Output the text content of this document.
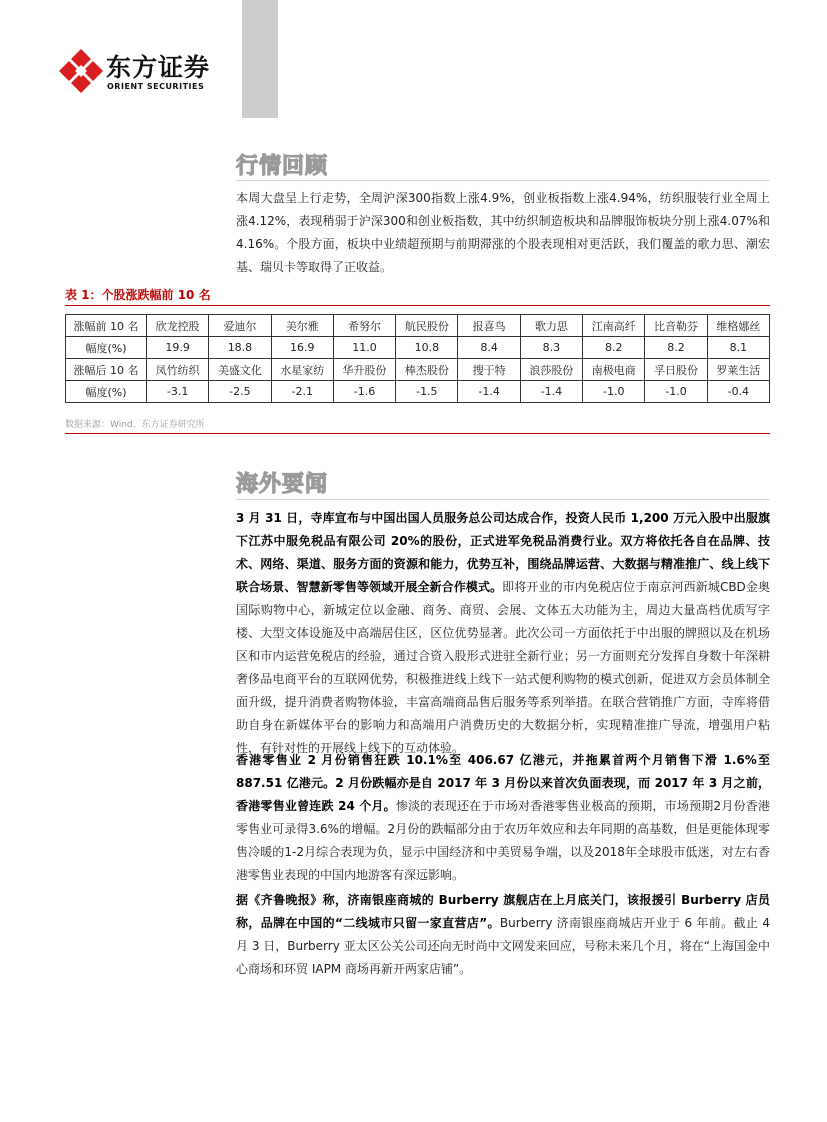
东方证券
ORIENT SECURITIES
行情回顾

本周大盘呈上行走势，全周沪深300指数上涨4.9%，创业板指数上涨4.94%，纺织服装行业全周上涨4.12%，表现稍弱于沪深300和创业板指数，其中纺织制造板块和品牌服饰板块分别上涨4.07%和4.16%。个股方面，板块中业绩超预期与前期滞涨的个股表现相对更活跃，我们覆盖的歌力思、潮宏基、瑞贝卡等取得了正收益。

表 1：个股涨跌幅前 10 名
涨幅前 10 名	欣龙控股	爱迪尔	美尔雅	希努尔	航民股份	报喜鸟	歌力思	江南高纤	比音勒芬	维格娜丝
幅度(%)	19.9	18.8	16.9	11.0	10.8	8.4	8.3	8.2	8.2	8.1
涨幅后 10 名	凤竹纺织	美盛文化	水星家纺	华升股份	棒杰股份	搜于特	浪莎股份	南极电商	孚日股份	罗莱生活
幅度(%)	-3.1	-2.5	-2.1	-1.6	-1.5	-1.4	-1.4	-1.0	-1.0	-0.4
数据来源：Wind、东方证券研究所
海外要闻

3 月 31 日，寺库宣布与中国出国人员服务总公司达成合作，投资人民币 1,200 万元入股中出服旗下江苏中服免税品有限公司 20%的股份，正式进军免税品消费行业。双方将依托各自在品牌、技术、网络、渠道、服务方面的资源和能力，优势互补，围绕品牌运营、大数据与精准推广、线上线下联合场景、智慧新零售等领域开展全新合作模式。即将开业的市内免税店位于南京河西新城CBD金奥国际购物中心，新城定位以金融、商务、商贸、会展、文体五大功能为主，周边大量高档优质写字楼、大型文体设施及中高端居住区，区位优势显著。此次公司一方面依托于中出服的牌照以及在机场区和市内运营免税店的经验，通过合资入股形式进驻全新行业；另一方面则充分发挥自身数十年深耕奢侈品电商平台的互联网优势，积极推进线上线下一站式便利购物的模式创新，促进双方会员体制全面升级，提升消费者购物体验，丰富高端商品售后服务等系列举措。在联合营销推广方面，寺库将借助自身在新媒体平台的影响力和高端用户消费历史的大数据分析，实现精准推广导流，增强用户粘性，有针对性的开展线上线下的互动体验。

香港零售业 2 月份销售狂跌 10.1%至 406.67 亿港元，并拖累首两个月销售下滑 1.6%至 887.51 亿港元。2 月份跌幅亦是自 2017 年 3 月份以来首次负面表现，而 2017 年 3 月之前，香港零售业曾连跌 24 个月。惨淡的表现还在于市场对香港零售业极高的预期，市场预期2月份香港零售业可录得3.6%的增幅。2月份的跌幅部分由于农历年效应和去年同期的高基数，但是更能体现零售冷暖的1-2月综合表现为负，显示中国经济和中美贸易争端，以及2018年全球股市低迷，对左右香港零售业表现的中国内地游客有深远影响。

据《齐鲁晚报》称，济南银座商城的 Burberry 旗舰店在上月底关门，该报援引 Burberry 店员称，品牌在中国的“二线城市只留一家直营店”。Burberry 济南银座商城店开业于 6 年前。截止 4 月 3 日，Burberry 亚太区公关公司还向无时尚中文网发来回应，号称未来几个月，将在“上海国金中心商场和环贸 IAPM 商场再新开两家店铺”。
